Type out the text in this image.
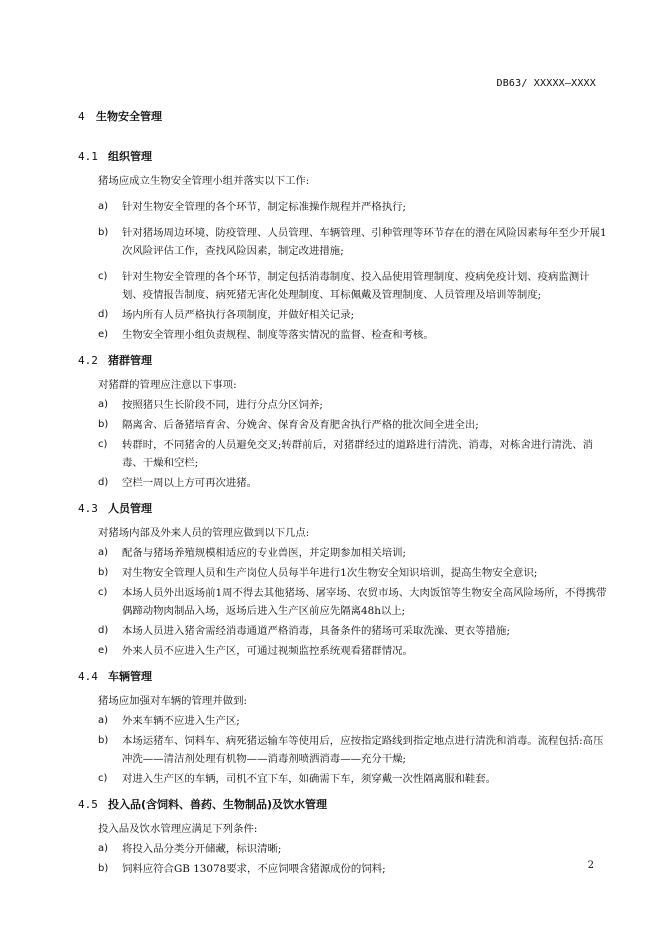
DB63/ XXXXX—XXXX
4	生物安全管理
4.1 组织管理
猪场应成立生物安全管理小组并落实以下工作:
a)	针对生物安全管理的各个环节，制定标准操作规程并严格执行;
b)	针对猪场周边环境、防疫管理、人员管理、车辆管理、引种管理等环节存在的潜在风险因素每年至少开展1次风险评估工作，查找风险因素，制定改进措施;
c)	针对生物安全管理的各个环节，制定包括消毒制度、投入品使用管理制度、疫病免疫计划、疫病监测计划、疫情报告制度、病死猪无害化处理制度、耳标佩戴及管理制度、人员管理及培训等制度;
d)	场内所有人员严格执行各项制度，并做好相关记录;
e)	生物安全管理小组负责规程、制度等落实情况的监督、检查和考核。
4.2 猪群管理
对猪群的管理应注意以下事项:
a)	按照猪只生长阶段不同，进行分点分区饲养;
b)	隔离舍、后备猪培育舍、分娩舍、保育舍及育肥舍执行严格的批次间全进全出;
c)	转群时，不同猪舍的人员避免交叉;转群前后，对猪群经过的道路进行清洗、消毒，对栋舍进行清洗、消毒、干燥和空栏;
d)	空栏一周以上方可再次进猪。
4.3 人员管理
对猪场内部及外来人员的管理应做到以下几点:
a)	配备与猪场养殖规模相适应的专业兽医，并定期参加相关培训;
b)	对生物安全管理人员和生产岗位人员每半年进行1次生物安全知识培训，提高生物安全意识;
c)	本场人员外出返场前1周不得去其他猪场、屠宰场、农贸市场、大肉饭馆等生物安全高风险场所，不得携带偶蹄动物肉制品入场，返场后进入生产区前应先隔离48h以上;
d)	本场人员进入猪舍需经消毒通道严格消毒，具备条件的猪场可采取洗澡、更衣等措施;
e)	外来人员不应进入生产区，可通过视频监控系统观看猪群情况。
4.4 车辆管理
猪场应加强对车辆的管理并做到:
a)	外来车辆不应进入生产区;
b)	本场运猪车、饲料车、病死猪运输车等使用后，应按指定路线到指定地点进行清洗和消毒。流程包括:高压冲洗——清洁剂处理有机物——消毒剂喷洒消毒——充分干燥;
c)	对进入生产区的车辆，司机不宜下车，如确需下车，须穿戴一次性隔离服和鞋套。
4.5 投入品(含饲料、兽药、生物制品)及饮水管理
投入品及饮水管理应满足下列条件:
a)	将投入品分类分开储藏，标识清晰;
b)	饲料应符合GB 13078要求，不应饲喂含猪源成份的饲料;	2
